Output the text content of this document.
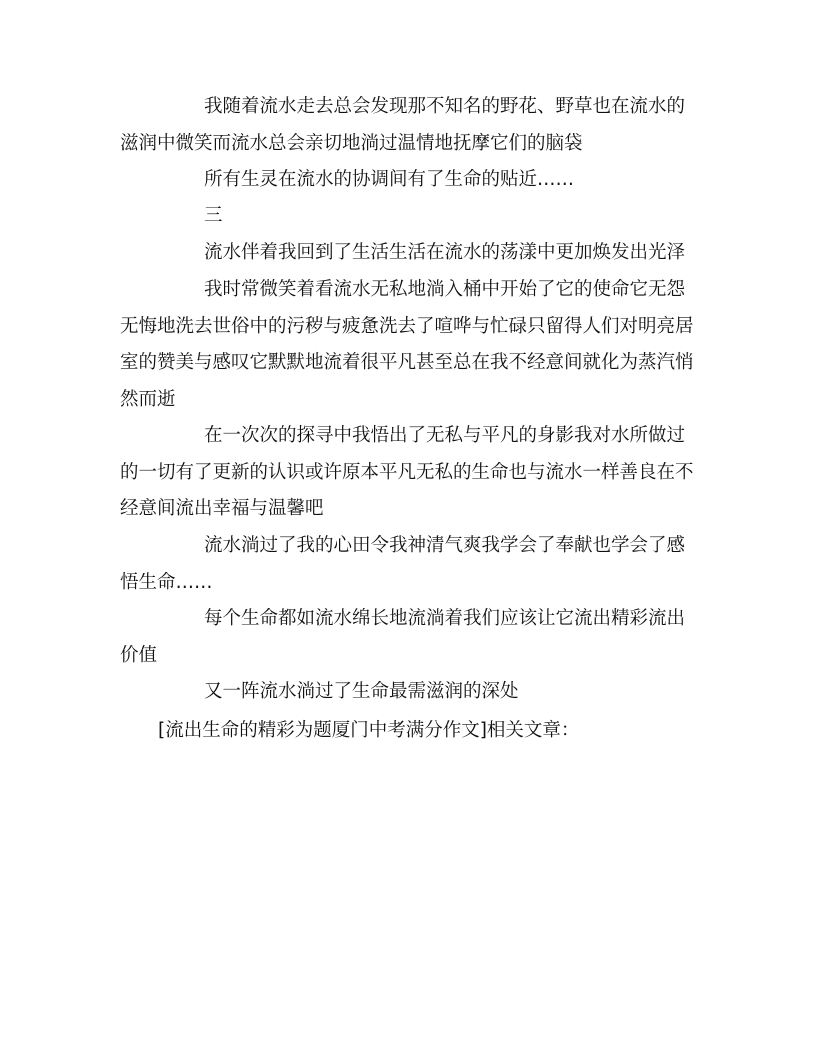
我随着流水走去总会发现那不知名的野花、野草也在流水的滋润中微笑而流水总会亲切地淌过温情地抚摩它们的脑袋

所有生灵在流水的协调间有了生命的贴近……

三

流水伴着我回到了生活生活在流水的荡漾中更加焕发出光泽

我时常微笑着看流水无私地淌入桶中开始了它的使命它无怨无悔地洗去世俗中的污秽与疲惫洗去了喧哗与忙碌只留得人们对明亮居室的赞美与感叹它默默地流着很平凡甚至总在我不经意间就化为蒸汽悄然而逝

在一次次的探寻中我悟出了无私与平凡的身影我对水所做过的一切有了更新的认识或许原本平凡无私的生命也与流水一样善良在不经意间流出幸福与温馨吧

流水淌过了我的心田令我神清气爽我学会了奉献也学会了感悟生命……

每个生命都如流水绵长地流淌着我们应该让它流出精彩流出价值

又一阵流水淌过了生命最需滋润的深处

[流出生命的精彩为题厦门中考满分作文]相关文章：
